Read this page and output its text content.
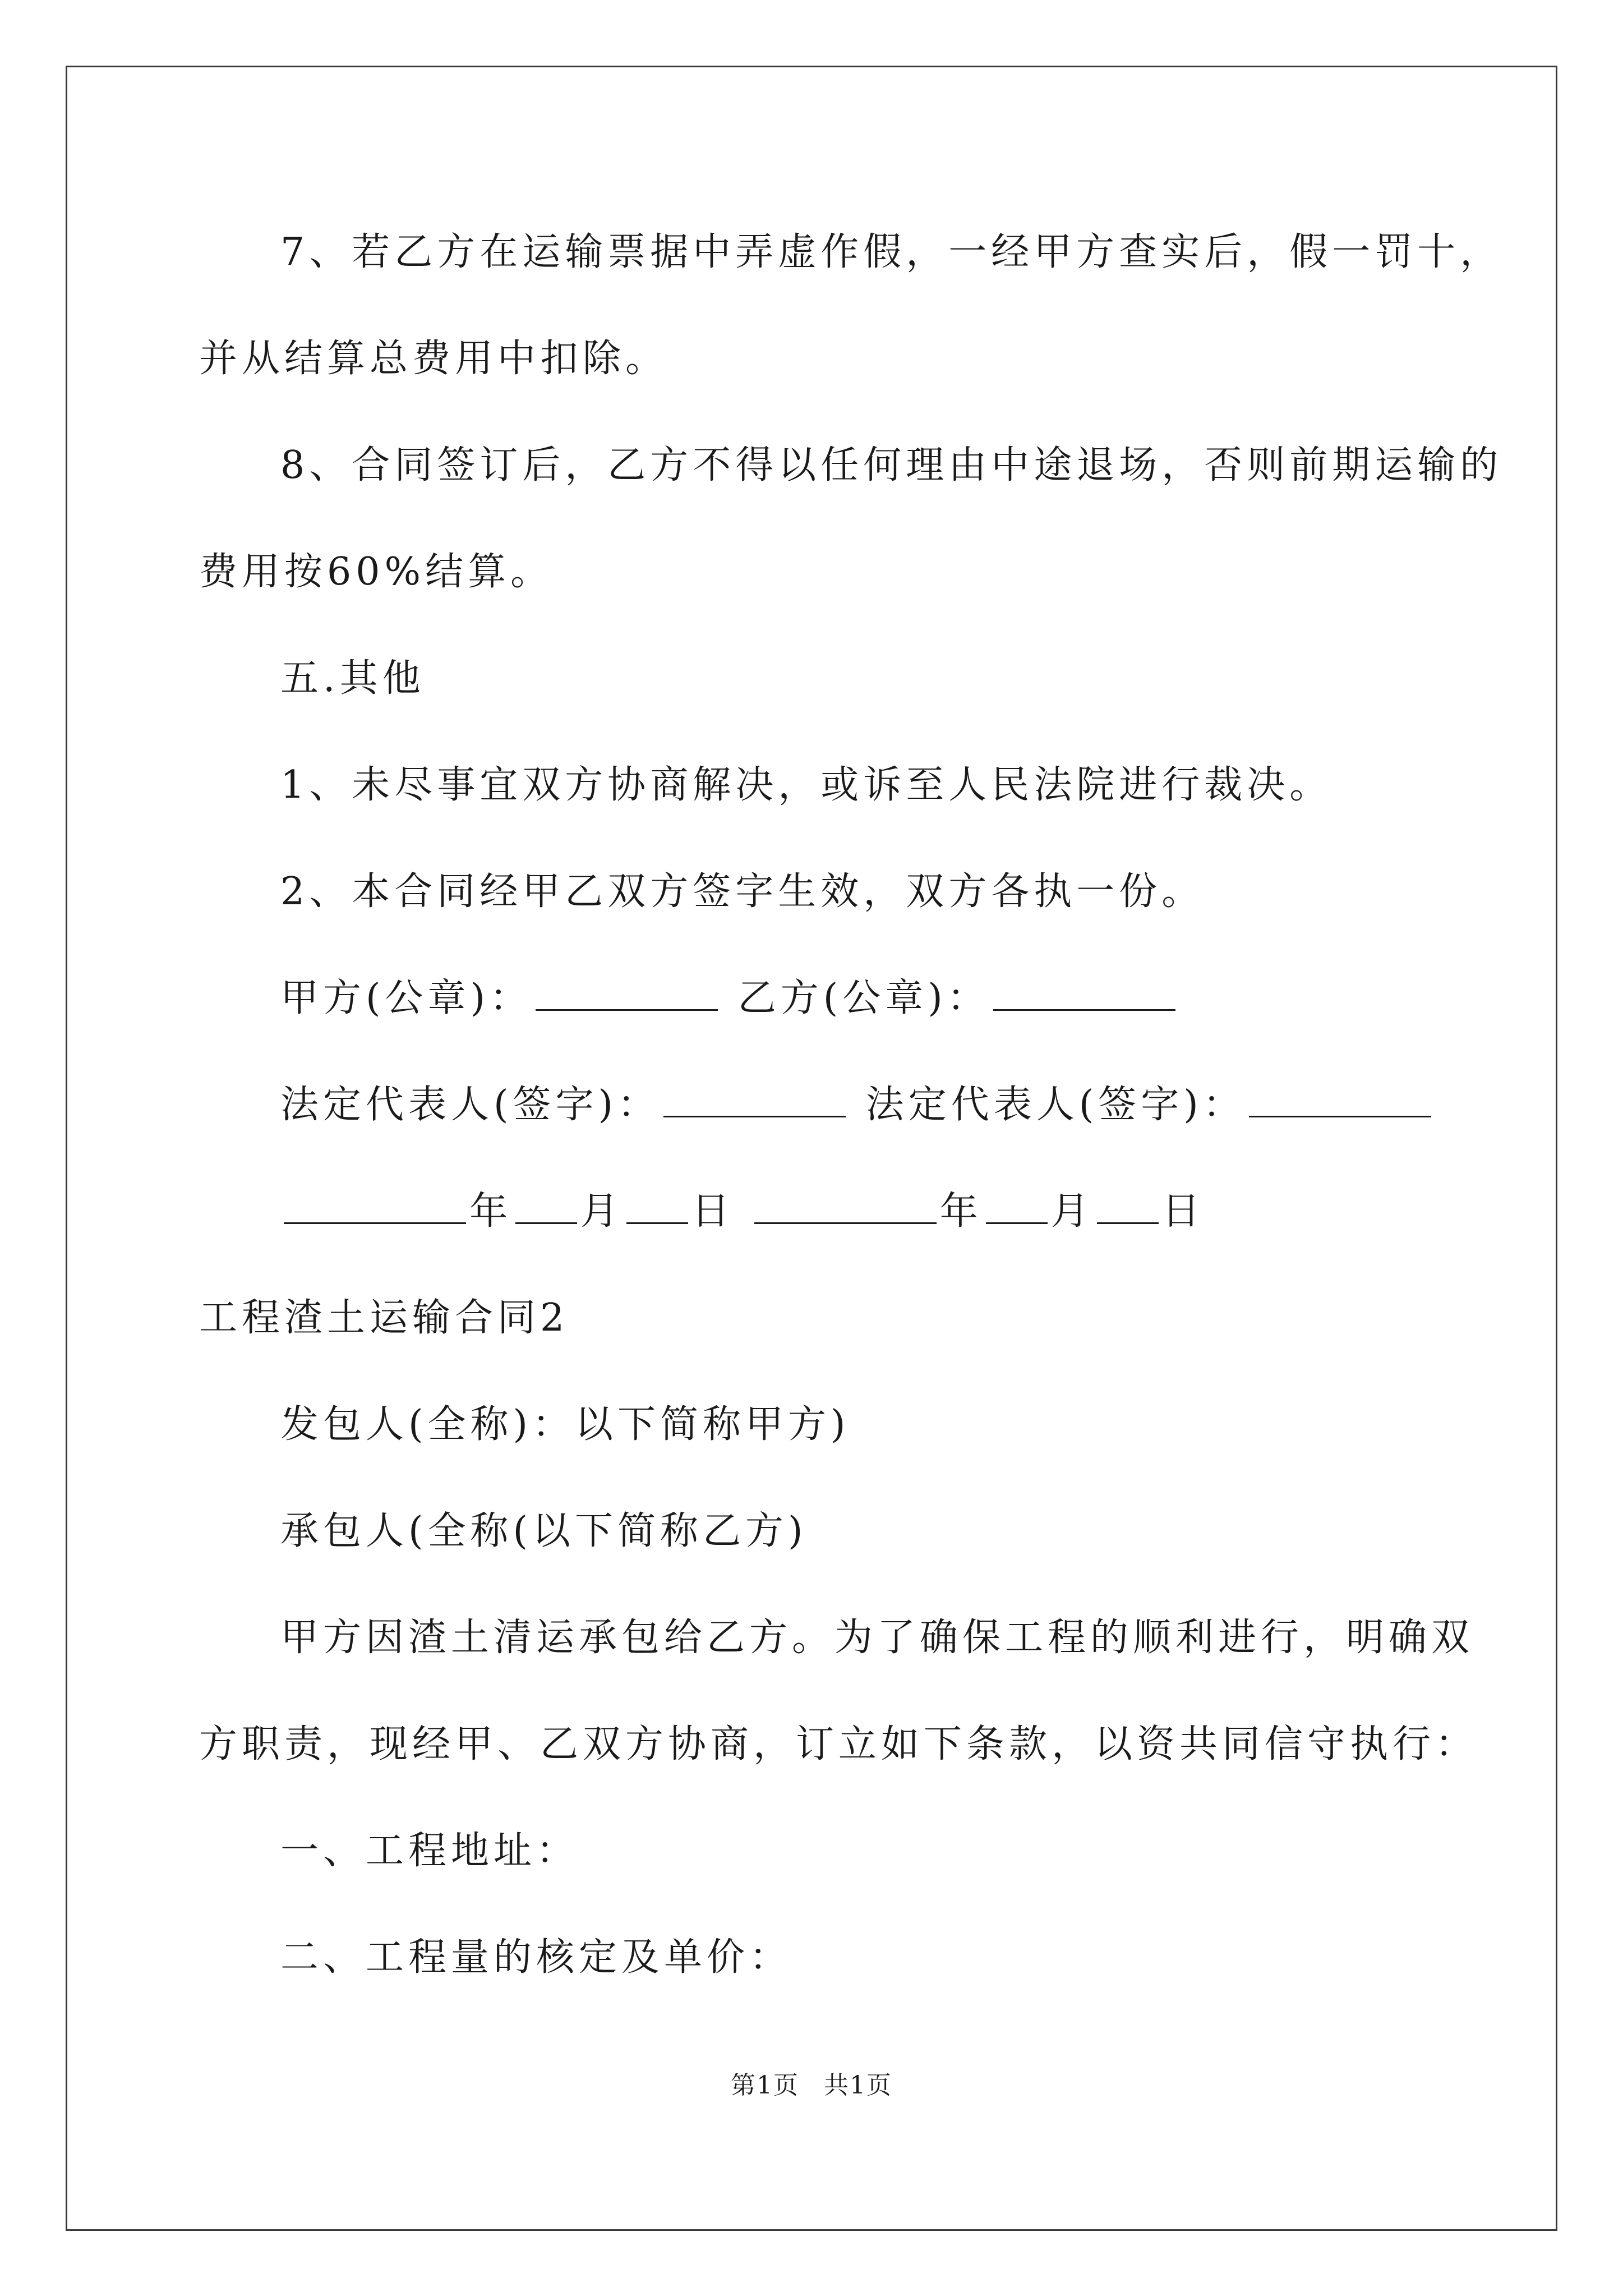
7、若乙方在运输票据中弄虚作假，一经甲方查实后，假一罚十，
并从结算总费用中扣除。
8、合同签订后，乙方不得以任何理由中途退场，否则前期运输的
费用按60%结算。
五.其他
1、未尽事宜双方协商解决，或诉至人民法院进行裁决。
2、本合同经甲乙双方签字生效，双方各执一份。
甲方(公章)：	乙方(公章)：
法定代表人(签字)：	法定代表人(签字)：
年 月 日	年 月 日
工程渣土运输合同2
发包人(全称)：以下简称甲方)
承包人(全称(以下简称乙方)
甲方因渣土清运承包给乙方。为了确保工程的顺利进行，明确双
方职责，现经甲、乙双方协商，订立如下条款，以资共同信守执行：
一、工程地址：
二、工程量的核定及单价：
第1页 共1页
